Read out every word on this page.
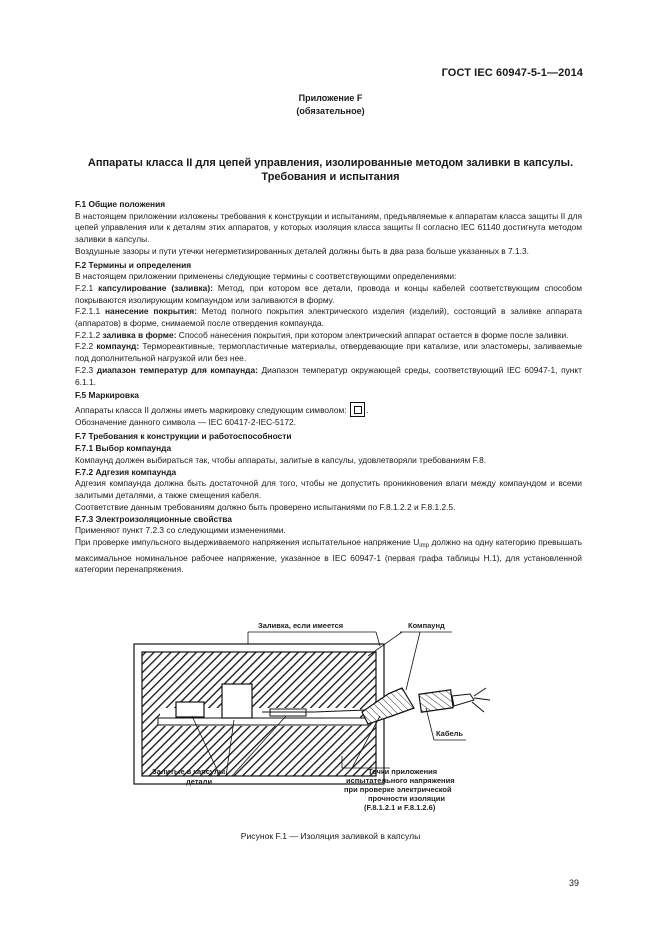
ГОСТ IEC 60947-5-1—2014
Приложение F
(обязательное)
Аппараты класса II для цепей управления, изолированные методом заливки в капсулы.
Требования и испытания

F.1 Общие положения

В настоящем приложении изложены требования к конструкции и испытаниям, предъявляемые к аппаратам класса защиты II для цепей управления или к деталям этих аппаратов, у которых изоляция класса защиты II согласно IEC 61140 достигнута методом заливки в капсулы.

Воздушные зазоры и пути утечки негерметизированных деталей должны быть в два раза больше указанных в 7.1.3.

F.2 Термины и определения

В настоящем приложении применены следующие термины с соответствующими определениями:

F.2.1 капсулирование (заливка): Метод, при котором все детали, провода и концы кабелей соответствующим способом покрываются изолирующим компаундом или заливаются в форму.

F.2.1.1 нанесение покрытия: Метод полного покрытия электрического изделия (изделий), состоящий в заливке аппарата (аппаратов) в форме, снимаемой после отвердения компаунда.

F.2.1.2 заливка в форме: Способ нанесения покрытия, при котором электрический аппарат остается в форме после заливки.

F.2.2 компаунд: Термореактивные, термопластичные материалы, отвердевающие при катализе, или эластомеры, заливаемые под дополнительной нагрузкой или без нее.

F.2.3 диапазон температур для компаунда: Диапазон температур окружающей среды, соответствующий IEC 60947-1, пункт 6.1.1.

F.5 Маркировка

Аппараты класса II должны иметь маркировку следующим символом: .

Обозначение данного символа — IEC 60417-2-IEC-5172.

F.7 Требования к конструкции и работоспособности

F.7.1 Выбор компаунда

Компаунд должен выбираться так, чтобы аппараты, залитые в капсулы, удовлетворяли требованиям F.8.

F.7.2 Адгезия компаунда

Адгезия компаунда должна быть достаточной для того, чтобы не допустить проникновения влаги между компаундом и всеми залитыми деталями, а также смещения кабеля.

Соответствие данным требованиям должно быть проверено испытаниями по F.8.1.2.2 и F.8.1.2.5.

F.7.3 Электроизоляционные свойства

Применяют пункт 7.2.3 со следующими изменениями.

При проверке импульсного выдерживаемого напряжения испытательное напряжение $U_{imp}$ должно на одну категорию превышать максимальное номинальное рабочее напряжение, указанное в IEC 60947-1 (первая графа таблицы H.1), для установленной категории перенапряжения.

Заливка, если имеется	Компаунд
Кабель
Залитые в капсулы
детали
Точки приложения
испытательного напряжения
при проверке электрической
прочности изоляции
(F.8.1.2.1 и F.8.1.2.6)
Рисунок F.1 — Изоляция заливкой в капсулы
39
